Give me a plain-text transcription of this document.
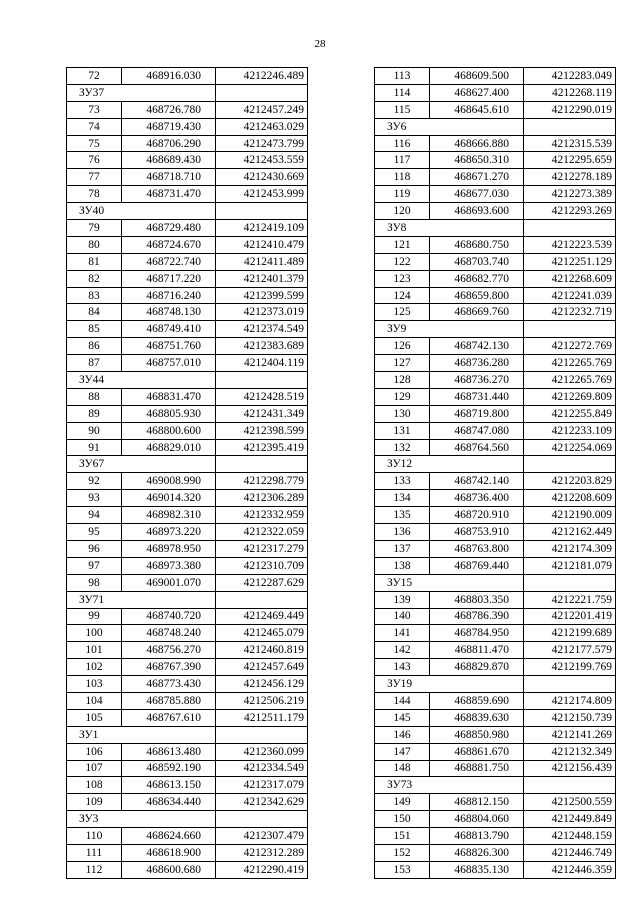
28
72	468916.030	4212246.489
ЗУ37		
73	468726.780	4212457.249
74	468719.430	4212463.029
75	468706.290	4212473.799
76	468689.430	4212453.559
77	468718.710	4212430.669
78	468731.470	4212453.999
ЗУ40		
79	468729.480	4212419.109
80	468724.670	4212410.479
81	468722.740	4212411.489
82	468717.220	4212401.379
83	468716.240	4212399.599
84	468748.130	4212373.019
85	468749.410	4212374.549
86	468751.760	4212383.689
87	468757.010	4212404.119
ЗУ44		
88	468831.470	4212428.519
89	468805.930	4212431.349
90	468800.600	4212398.599
91	468829.010	4212395.419
ЗУ67		
92	469008.990	4212298.779
93	469014.320	4212306.289
94	468982.310	4212332.959
95	468973.220	4212322.059
96	468978.950	4212317.279
97	468973.380	4212310.709
98	469001.070	4212287.629
ЗУ71		
99	468740.720	4212469.449
100	468748.240	4212465.079
101	468756.270	4212460.819
102	468767.390	4212457.649
103	468773.430	4212456.129
104	468785.880	4212506.219
105	468767.610	4212511.179
ЗУ1		
106	468613.480	4212360.099
107	468592.190	4212334.549
108	468613.150	4212317.079
109	468634.440	4212342.629
ЗУ3		
110	468624.660	4212307.479
111	468618.900	4212312.289
112	468600.680	4212290.419
113	468609.500	4212283.049
114	468627.400	4212268.119
115	468645.610	4212290.019
ЗУ6		
116	468666.880	4212315.539
117	468650.310	4212295.659
118	468671.270	4212278.189
119	468677.030	4212273.389
120	468693.600	4212293.269
ЗУ8		
121	468680.750	4212223.539
122	468703.740	4212251.129
123	468682.770	4212268.609
124	468659.800	4212241.039
125	468669.760	4212232.719
ЗУ9		
126	468742.130	4212272.769
127	468736.280	4212265.769
128	468736.270	4212265.769
129	468731.440	4212269.809
130	468719.800	4212255.849
131	468747.080	4212233.109
132	468764.560	4212254.069
ЗУ12		
133	468742.140	4212203.829
134	468736.400	4212208.609
135	468720.910	4212190.009
136	468753.910	4212162.449
137	468763.800	4212174.309
138	468769.440	4212181.079
ЗУ15		
139	468803.350	4212221.759
140	468786.390	4212201.419
141	468784.950	4212199.689
142	468811.470	4212177.579
143	468829.870	4212199.769
ЗУ19		
144	468859.690	4212174.809
145	468839.630	4212150.739
146	468850.980	4212141.269
147	468861.670	4212132.349
148	468881.750	4212156.439
ЗУ73		
149	468812.150	4212500.559
150	468804.060	4212449.849
151	468813.790	4212448.159
152	468826.300	4212446.749
153	468835.130	4212446.359
